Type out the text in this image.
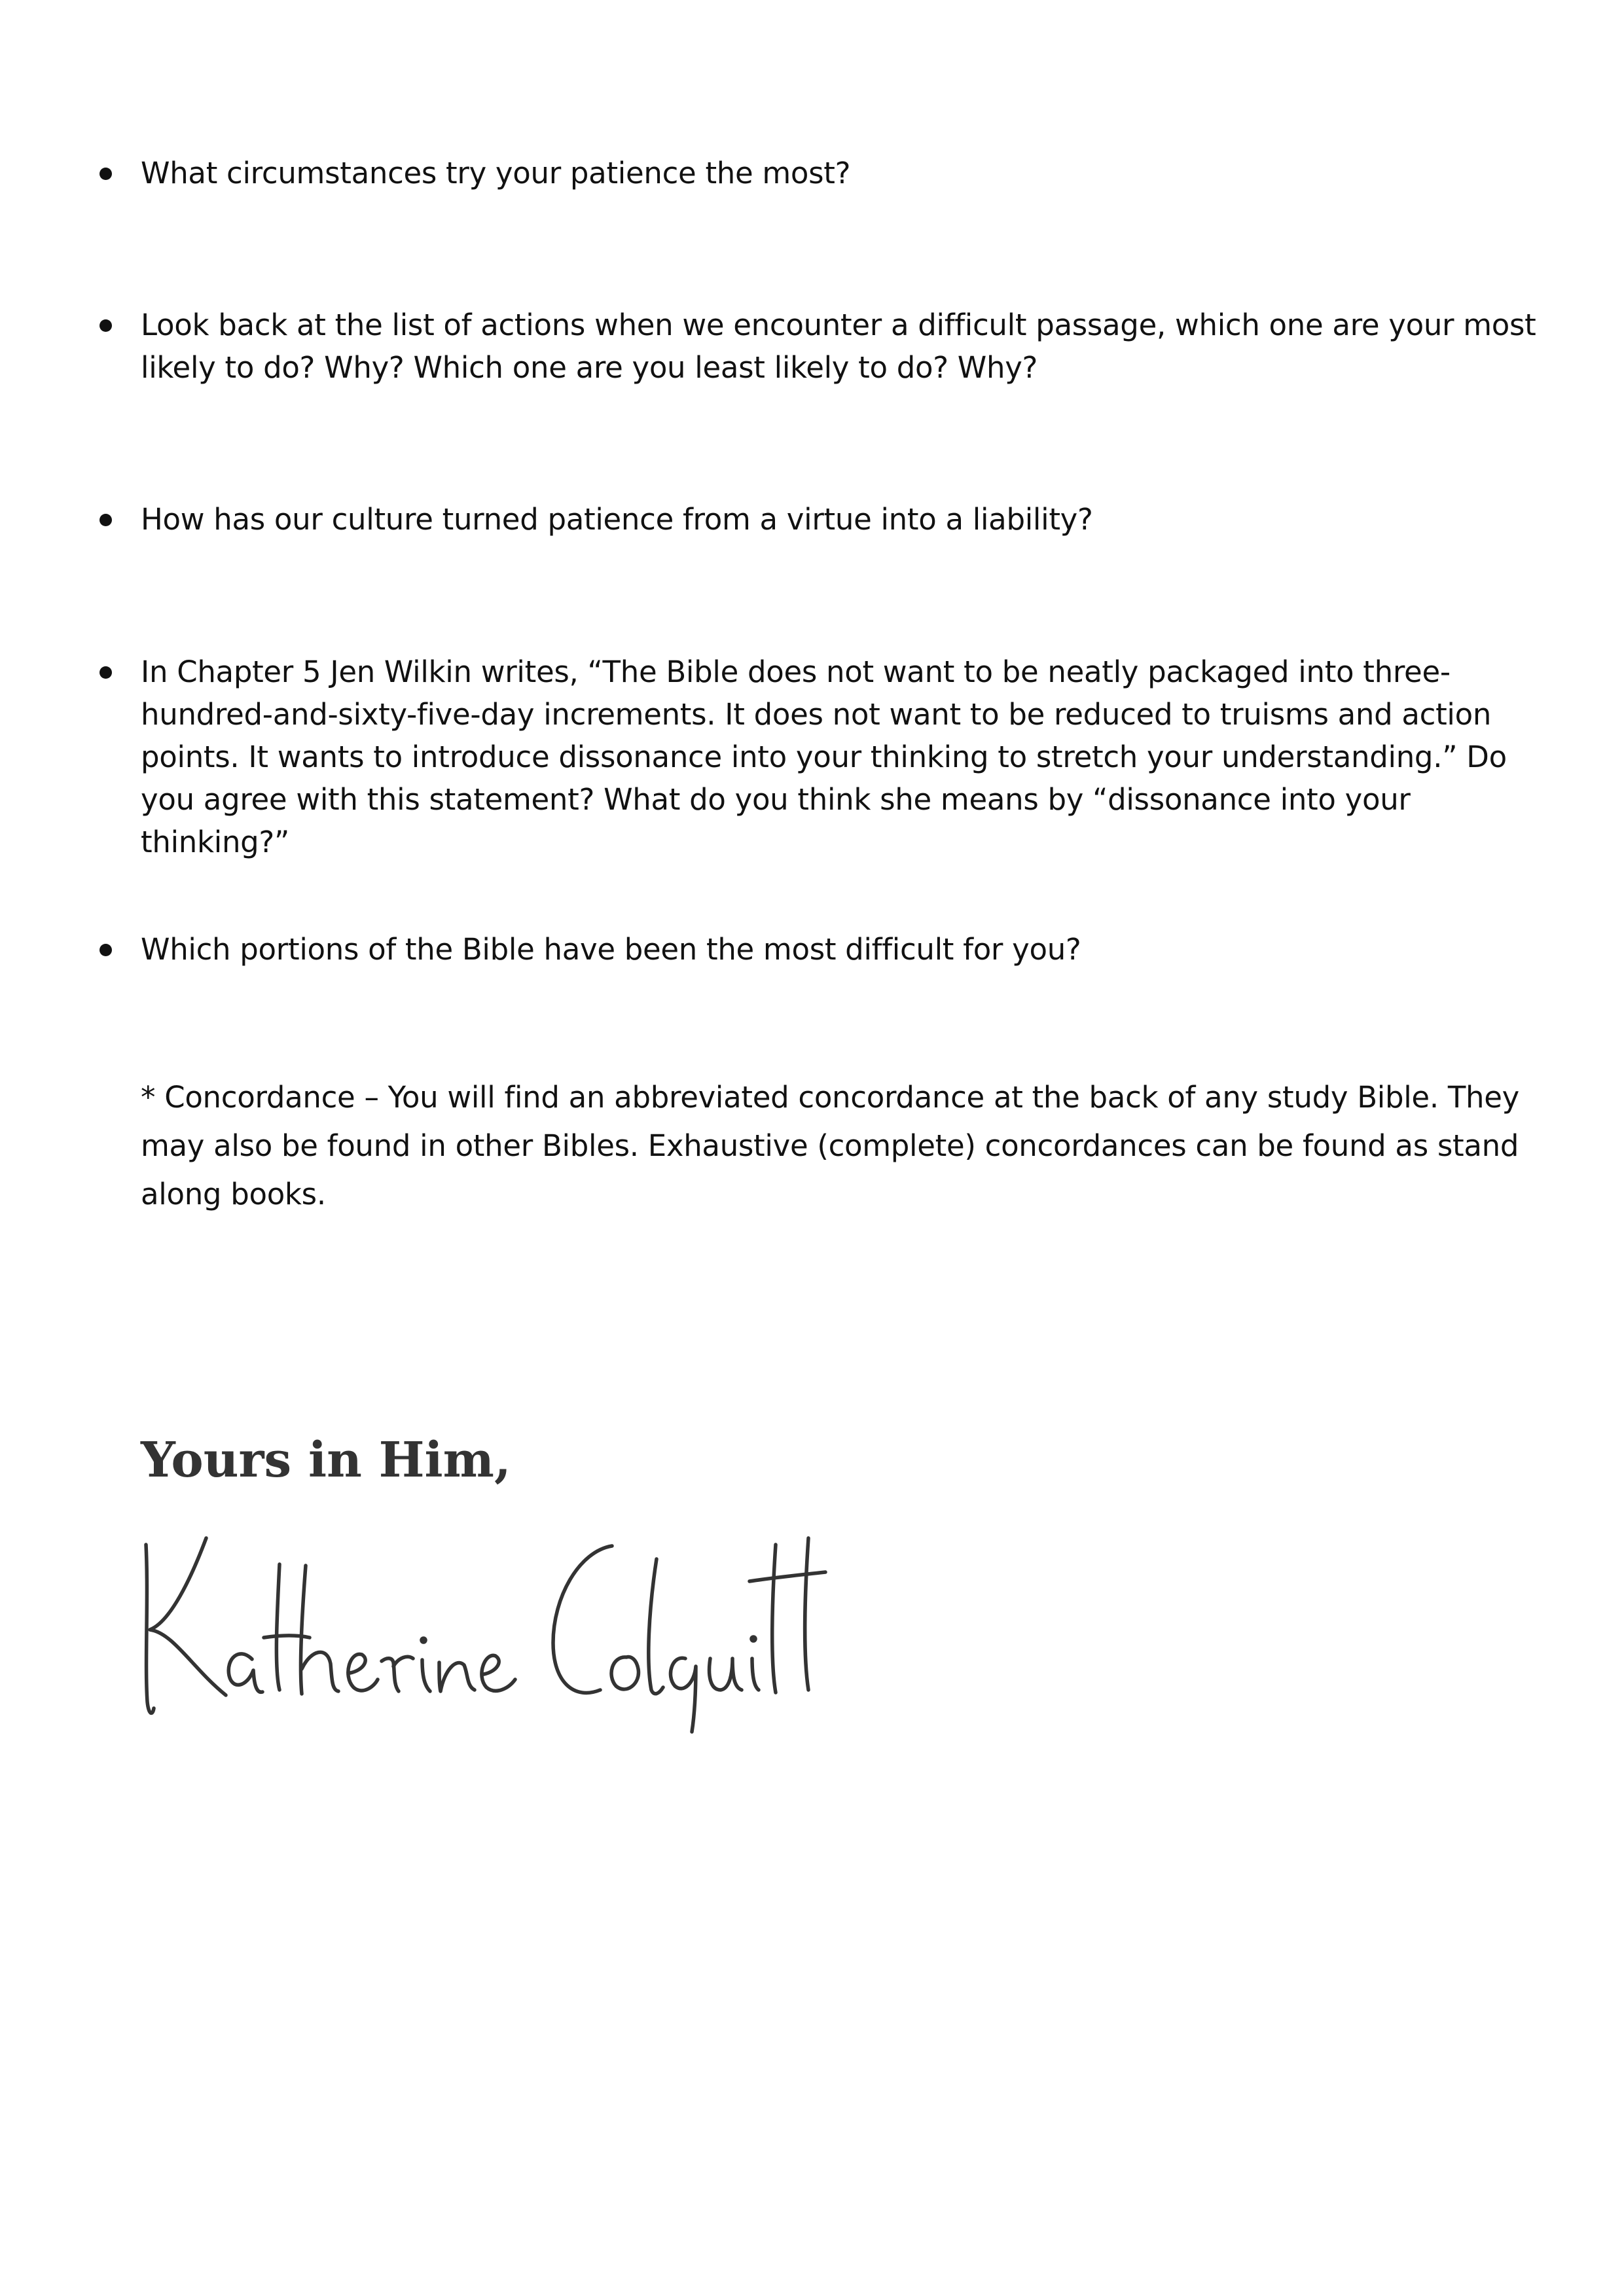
What circumstances try your patience the most?
Look back at the list of actions when we encounter a difficult passage, which one are your most likely to do? Why? Which one are you least likely to do? Why?
How has our culture turned patience from a virtue into a liability?
In Chapter 5 Jen Wilkin writes, “The Bible does not want to be neatly packaged into three-hundred-and-sixty-five-day increments. It does not want to be reduced to truisms and action points. It wants to introduce dissonance into your thinking to stretch your understanding.” Do you agree with this statement? What do you think she means by “dissonance into your thinking?”
Which portions of the Bible have been the most difficult for you?
* Concordance – You will find an abbreviated concordance at the back of any study Bible. They may also be found in other Bibles. Exhaustive (complete) concordances can be found as stand along books.
Yours in Him,
